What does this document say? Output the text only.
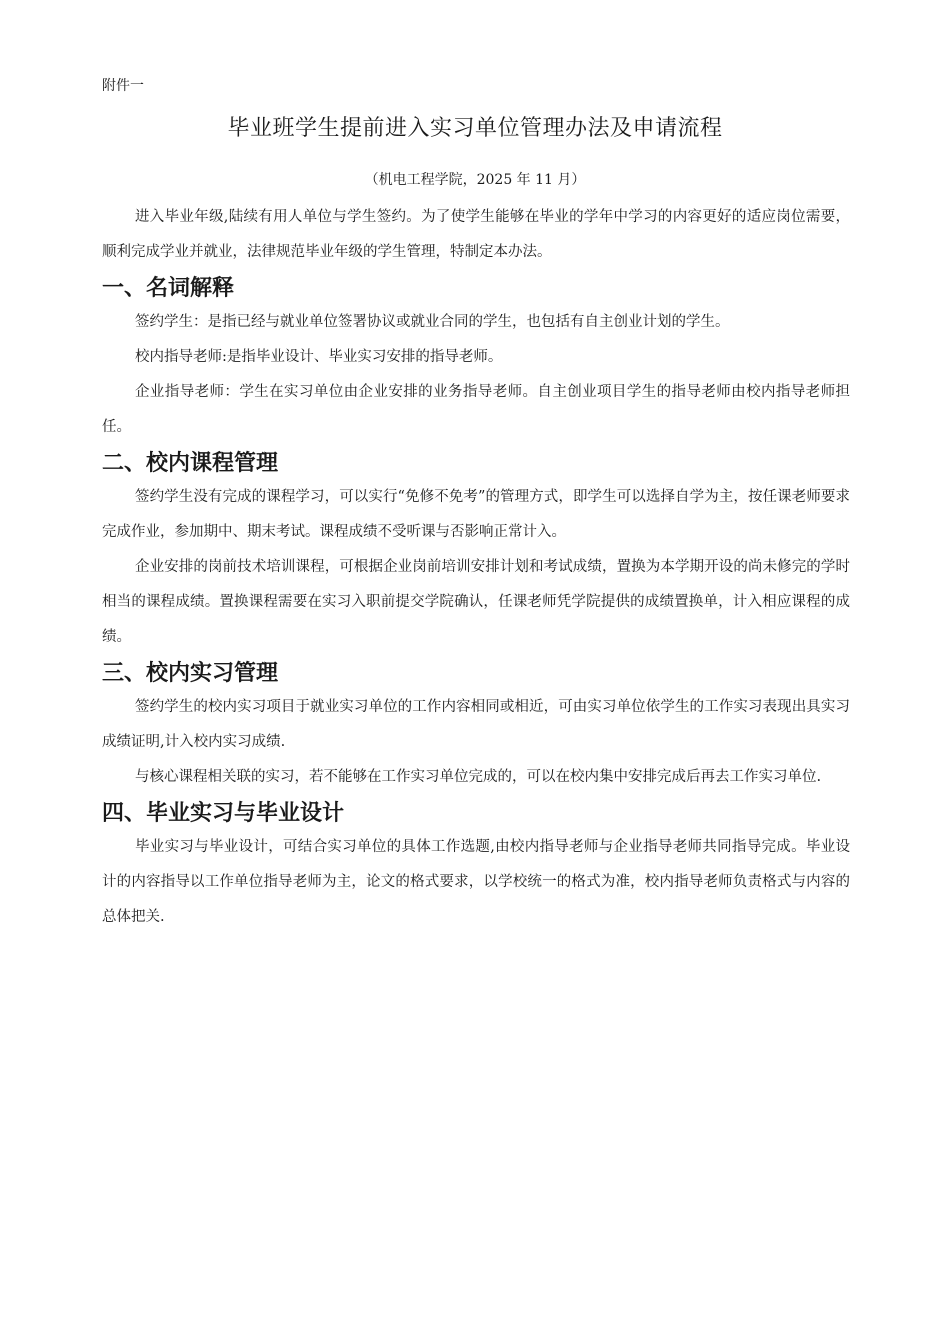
附件一
毕业班学生提前进入实习单位管理办法及申请流程
（机电工程学院，2025 年 11 月）

进入毕业年级,陆续有用人单位与学生签约。为了使学生能够在毕业的学年中学习的内容更好的适应岗位需要，顺利完成学业并就业，法律规范毕业年级的学生管理，特制定本办法。

一、名词解释

签约学生：是指已经与就业单位签署协议或就业合同的学生，也包括有自主创业计划的学生。

校内指导老师:是指毕业设计、毕业实习安排的指导老师。

企业指导老师：学生在实习单位由企业安排的业务指导老师。自主创业项目学生的指导老师由校内指导老师担任。

二、校内课程管理

签约学生没有完成的课程学习，可以实行“免修不免考”的管理方式，即学生可以选择自学为主，按任课老师要求完成作业，参加期中、期末考试。课程成绩不受听课与否影响正常计入。

企业安排的岗前技术培训课程，可根据企业岗前培训安排计划和考试成绩，置换为本学期开设的尚未修完的学时相当的课程成绩。置换课程需要在实习入职前提交学院确认，任课老师凭学院提供的成绩置换单，计入相应课程的成绩。

三、校内实习管理

签约学生的校内实习项目于就业实习单位的工作内容相同或相近，可由实习单位依学生的工作实习表现出具实习成绩证明,计入校内实习成绩.

与核心课程相关联的实习，若不能够在工作实习单位完成的，可以在校内集中安排完成后再去工作实习单位.

四、毕业实习与毕业设计

毕业实习与毕业设计，可结合实习单位的具体工作选题,由校内指导老师与企业指导老师共同指导完成。毕业设计的内容指导以工作单位指导老师为主，论文的格式要求，以学校统一的格式为准，校内指导老师负责格式与内容的总体把关.
